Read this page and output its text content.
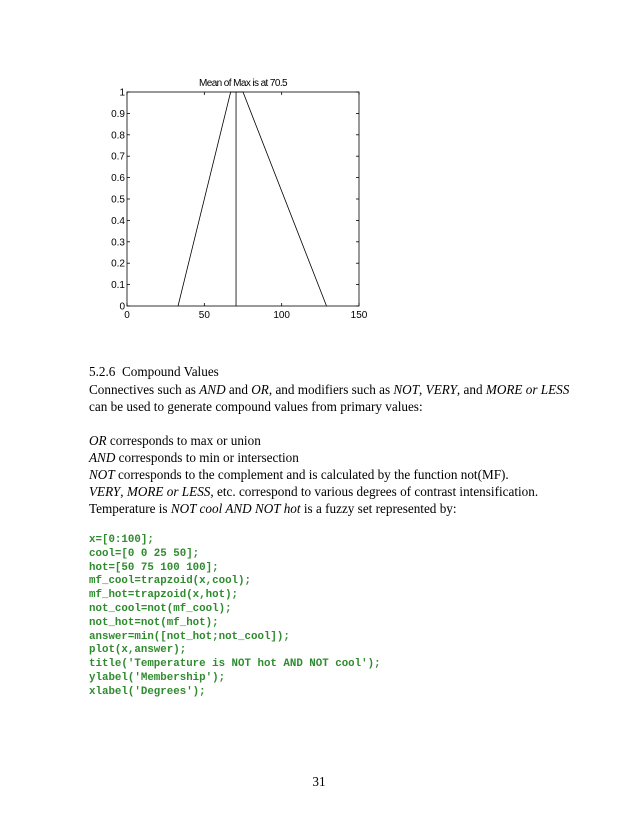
Mean of Max is at 70.5
0
0.1
0.2
0.3
0.4
0.5
0.6
0.7
0.8
0.9
1
0	50	100	150
5.2.6 Compound Values
Connectives such as AND and OR, and modifiers such as NOT, VERY, and MORE or LESS
can be used to generate compound values from primary values:
OR corresponds to max or union
AND corresponds to min or intersection
NOT corresponds to the complement and is calculated by the function not(MF).
VERY, MORE or LESS, etc. correspond to various degrees of contrast intensification.
Temperature is NOT cool AND NOT hot is a fuzzy set represented by:
x=[0:100];
cool=[0 0 25 50];
hot=[50 75 100 100];
mf_cool=trapzoid(x,cool);
mf_hot=trapzoid(x,hot);
not_cool=not(mf_cool);
not_hot=not(mf_hot);
answer=min([not_hot;not_cool]);
plot(x,answer);
title('Temperature is NOT hot AND NOT cool');
ylabel('Membership');
xlabel('Degrees');
31
